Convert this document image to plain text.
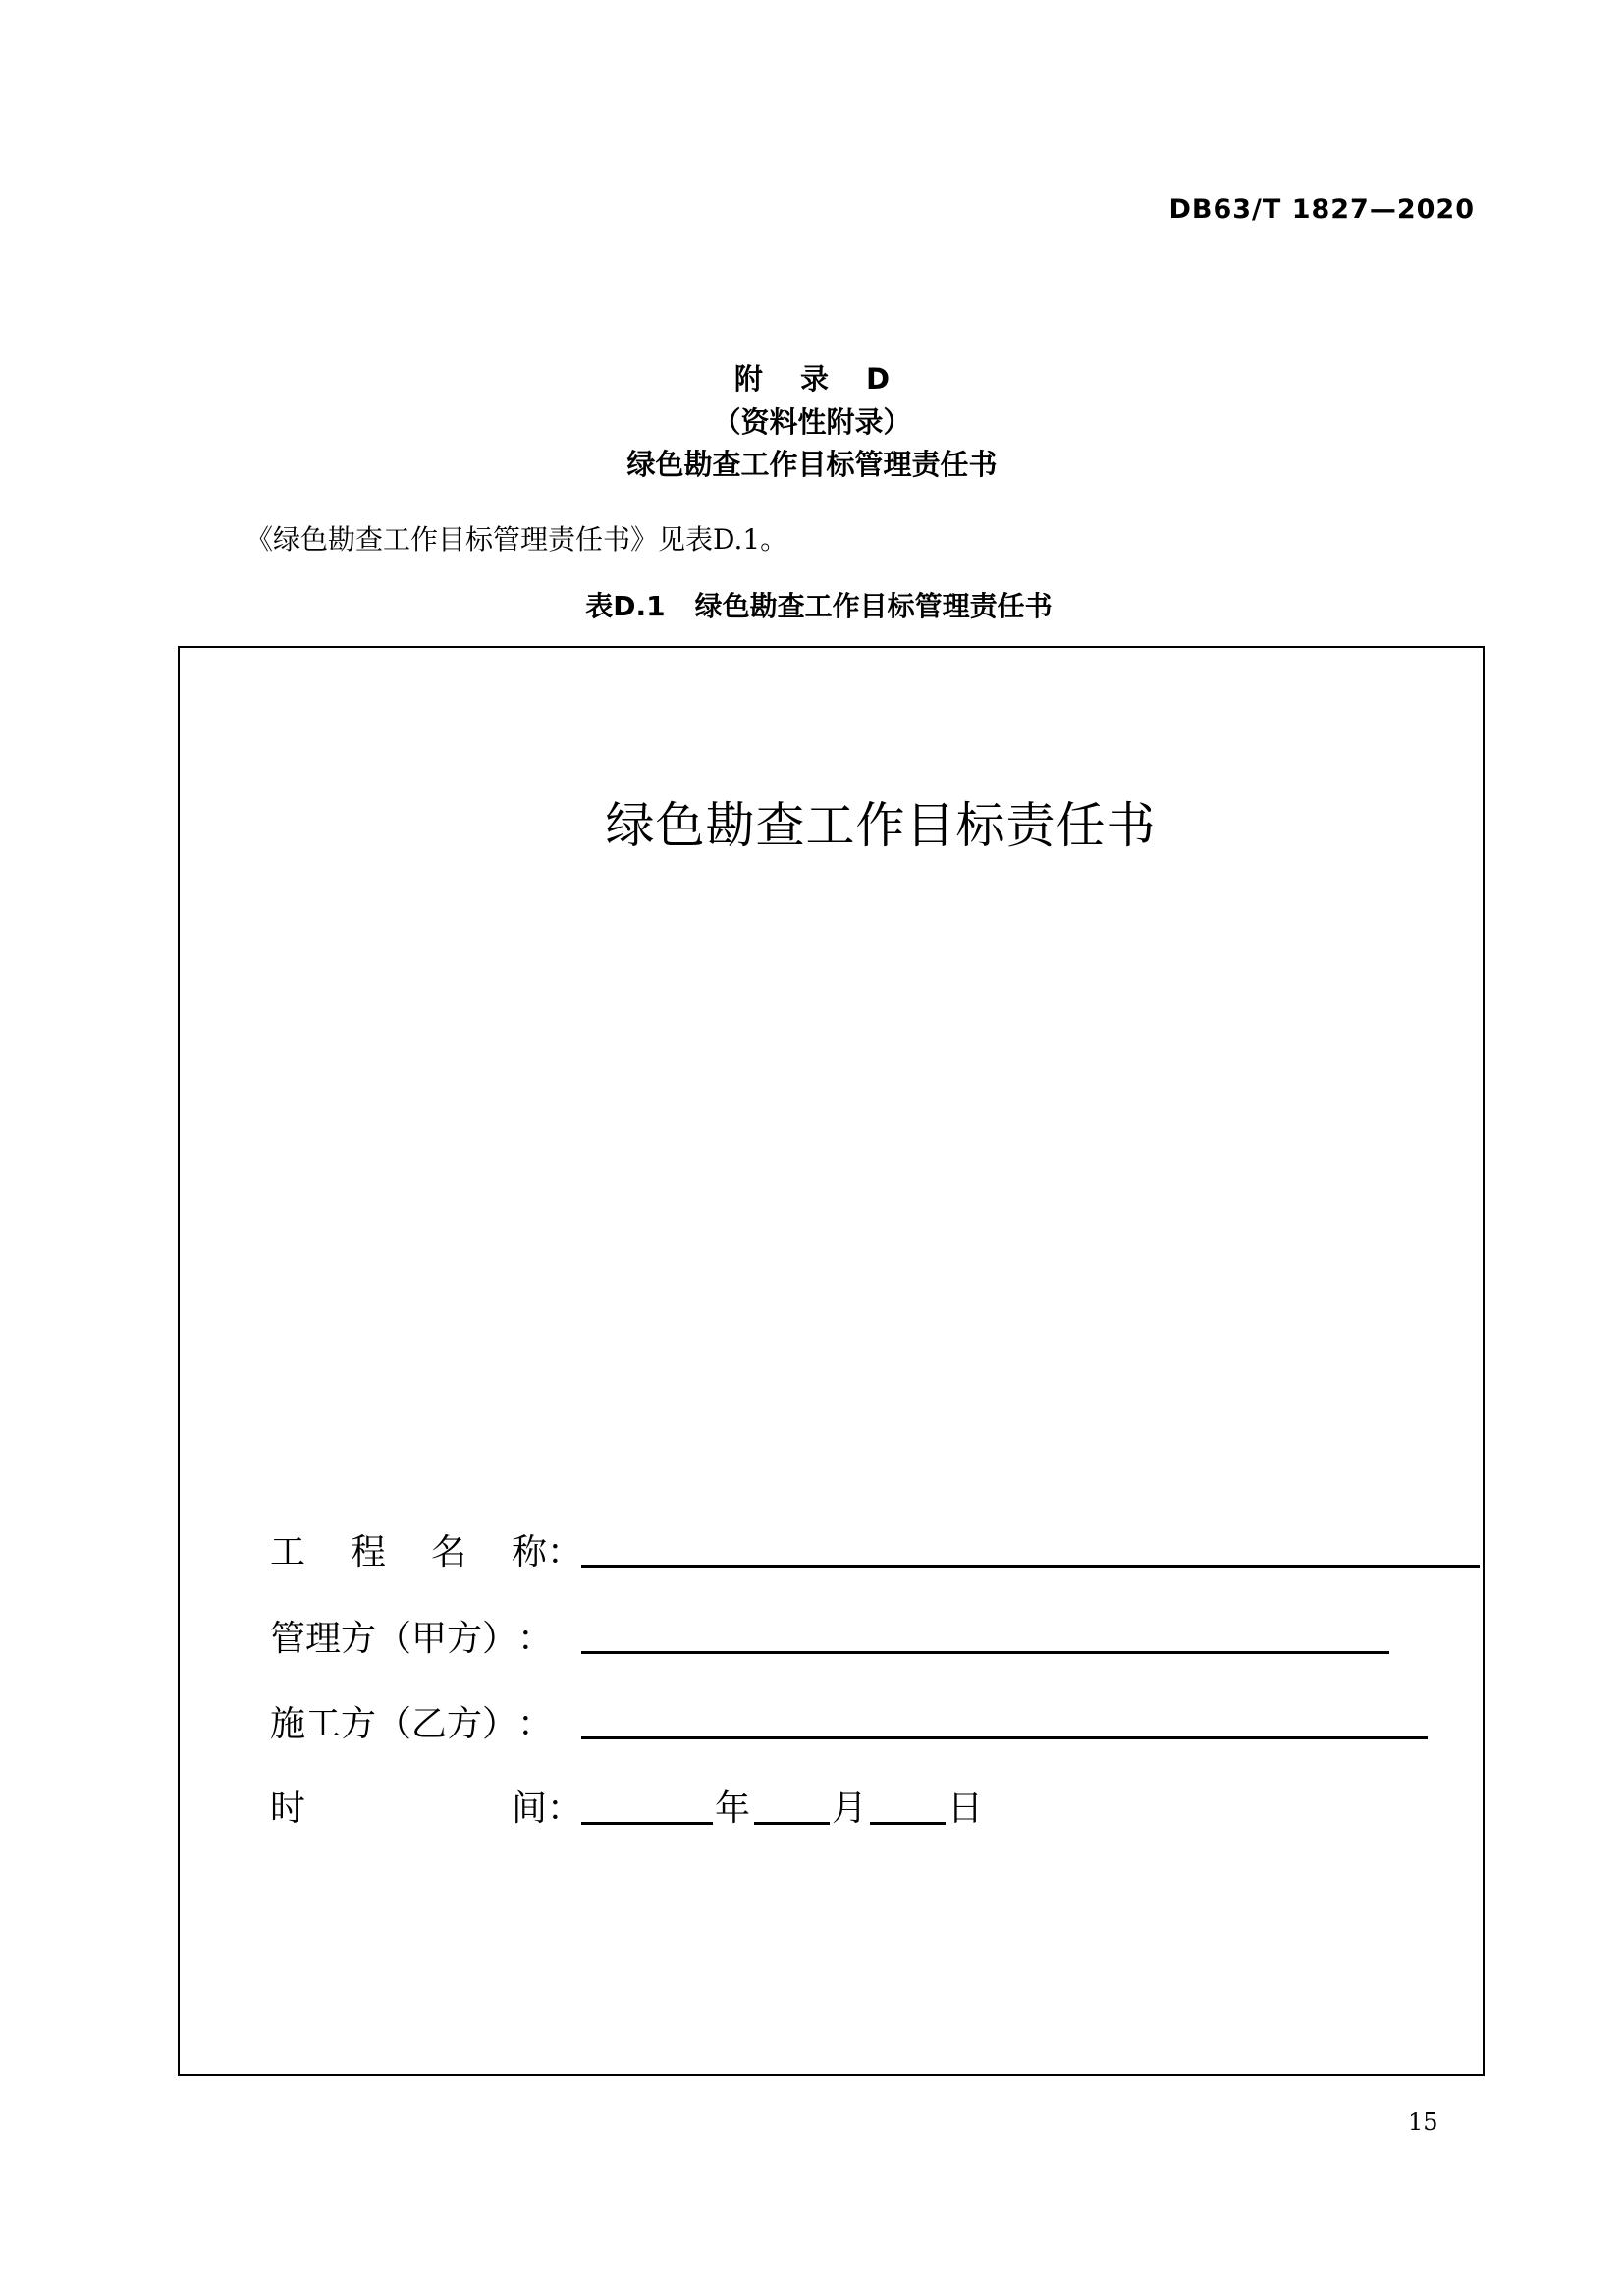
DB63/T 1827—2020
附 录 D
（资料性附录）
绿色勘查工作目标管理责任书
《绿色勘查工作目标管理责任书》见表D.1。
表D.1 绿色勘查工作目标管理责任书
绿色勘查工作目标责任书
工 程 名 称：
管理方（甲方）：
施工方（乙方）：
时 间：	年 月 日
15
